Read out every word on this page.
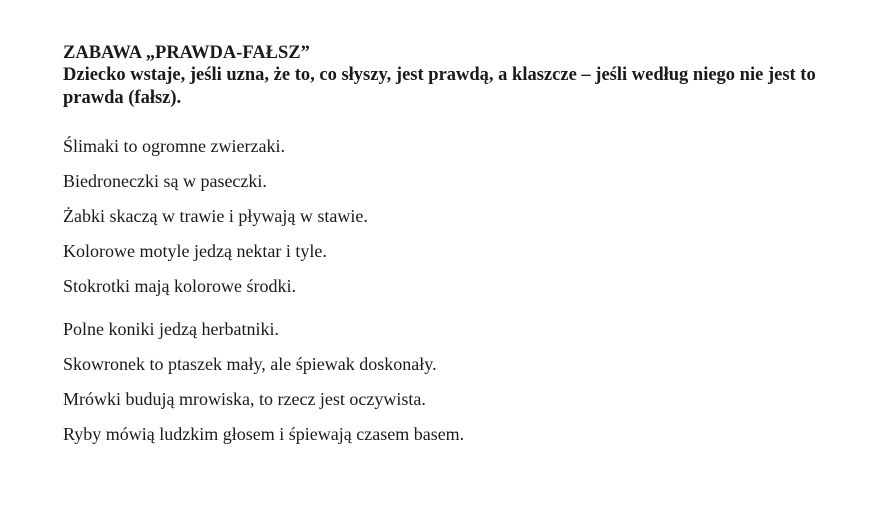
ZABAWA „PRAWDA-FAŁSZ”

Dziecko wstaje, jeśli uzna, że to, co słyszy, jest prawdą, a klaszcze – jeśli według niego nie jest to prawda (fałsz).

Ślimaki to ogromne zwierzaki.
Biedroneczki są w paseczki.
Żabki skaczą w trawie i pływają w stawie.
Kolorowe motyle jedzą nektar i tyle.
Stokrotki mają kolorowe środki.
Polne koniki jedzą herbatniki.
Skowronek to ptaszek mały, ale śpiewak doskonały.
Mrówki budują mrowiska, to rzecz jest oczywista.
Ryby mówią ludzkim głosem i śpiewają czasem basem.
